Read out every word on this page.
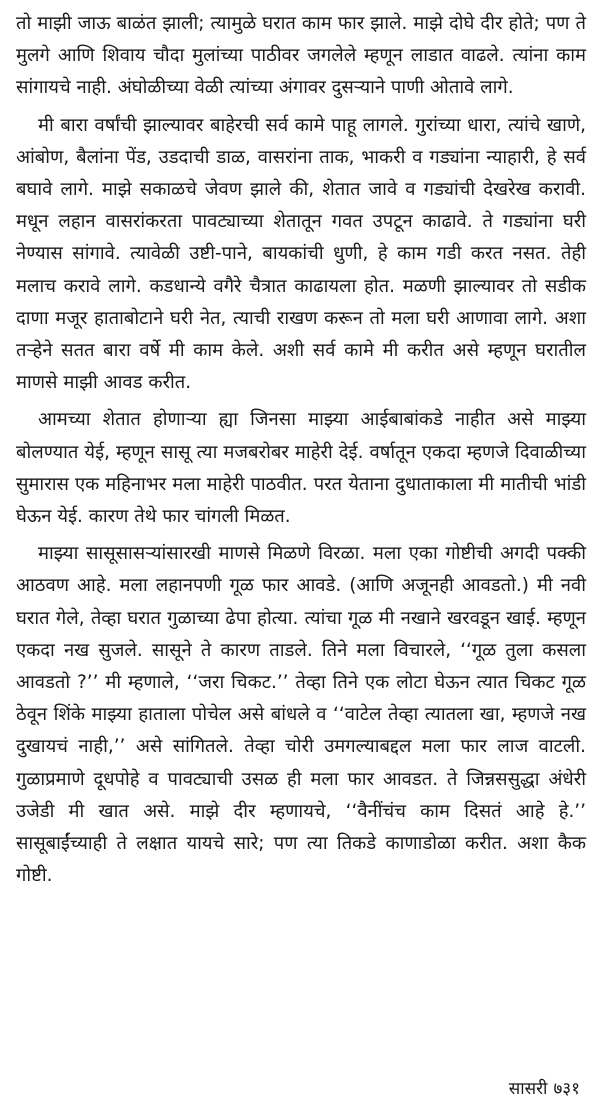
तो माझी जाऊ बाळंत झाली; त्यामुळे घरात काम फार झाले. माझे दोघे दीर होते; पण ते मुलगे आणि शिवाय चौदा मुलांच्या पाठीवर जगलेले म्हणून लाडात वाढले. त्यांना काम सांगायचे नाही. अंघोळीच्या वेळी त्यांच्या अंगावर दुसऱ्याने पाणी ओतावे लागे.

मी बारा वर्षांची झाल्यावर बाहेरची सर्व कामे पाहू लागले. गुरांच्या धारा, त्यांचे खाणे, आंबोण, बैलांना पेंड, उडदाची डाळ, वासरांना ताक, भाकरी व गड्यांना न्याहारी, हे सर्व बघावे लागे. माझे सकाळचे जेवण झाले की, शेतात जावे व गड्यांची देखरेख करावी. मधून लहान वासरांकरता पावट्याच्या शेतातून गवत उपटून काढावे. ते गड्यांना घरी नेण्यास सांगावे. त्यावेळी उष्टी-पाने, बायकांची धुणी, हे काम गडी करत नसत. तेही मलाच करावे लागे. कडधान्ये वगैरे चैत्रात काढायला होत. मळणी झाल्यावर तो सडीक दाणा मजूर हाताबोटाने घरी नेत, त्याची राखण करून तो मला घरी आणावा लागे. अशा तऱ्हेने सतत बारा वर्षे मी काम केले. अशी सर्व कामे मी करीत असे म्हणून घरातील माणसे माझी आवड करीत.

आमच्या शेतात होणाऱ्या ह्या जिनसा माझ्या आईबाबांकडे नाहीत असे माझ्या बोलण्यात येई, म्हणून सासू त्या मजबरोबर माहेरी देई. वर्षातून एकदा म्हणजे दिवाळीच्या सुमारास एक महिनाभर मला माहेरी पाठवीत. परत येताना दुधाताकाला मी मातीची भांडी घेऊन येई. कारण तेथे फार चांगली मिळत.

माझ्या सासूसासऱ्यांसारखी माणसे मिळणे विरळा. मला एका गोष्टीची अगदी पक्की आठवण आहे. मला लहानपणी गूळ फार आवडे. (आणि अजूनही आवडतो.) मी नवी घरात गेले, तेव्हा घरात गुळाच्या ढेपा होत्या. त्यांचा गूळ मी नखाने खरवडून खाई. म्हणून एकदा नख सुजले. सासूने ते कारण ताडले. तिने मला विचारले, ‘‘गूळ तुला कसला आवडतो ?’’ मी म्हणाले, ‘‘जरा चिकट.’’ तेव्हा तिने एक लोटा घेऊन त्यात चिकट गूळ ठेवून शिंके माझ्या हाताला पोचेल असे बांधले व ‘‘वाटेल तेव्हा त्यातला खा, म्हणजे नख दुखायचं नाही,’’ असे सांगितले. तेव्हा चोरी उमगल्याबद्दल मला फार लाज वाटली. गुळाप्रमाणे दूधपोहे व पावट्याची उसळ ही मला फार आवडत. ते जिन्नससुद्धा अंधेरी उजेडी मी खात असे. माझे दीर म्हणायचे, ‘‘वैनींचंच काम दिसतं आहे हे.’’ सासूबाईंच्याही ते लक्षात यायचे सारे; पण त्या तिकडे काणाडोळा करीत. अशा कैक गोष्टी.

सासरी ७३१
